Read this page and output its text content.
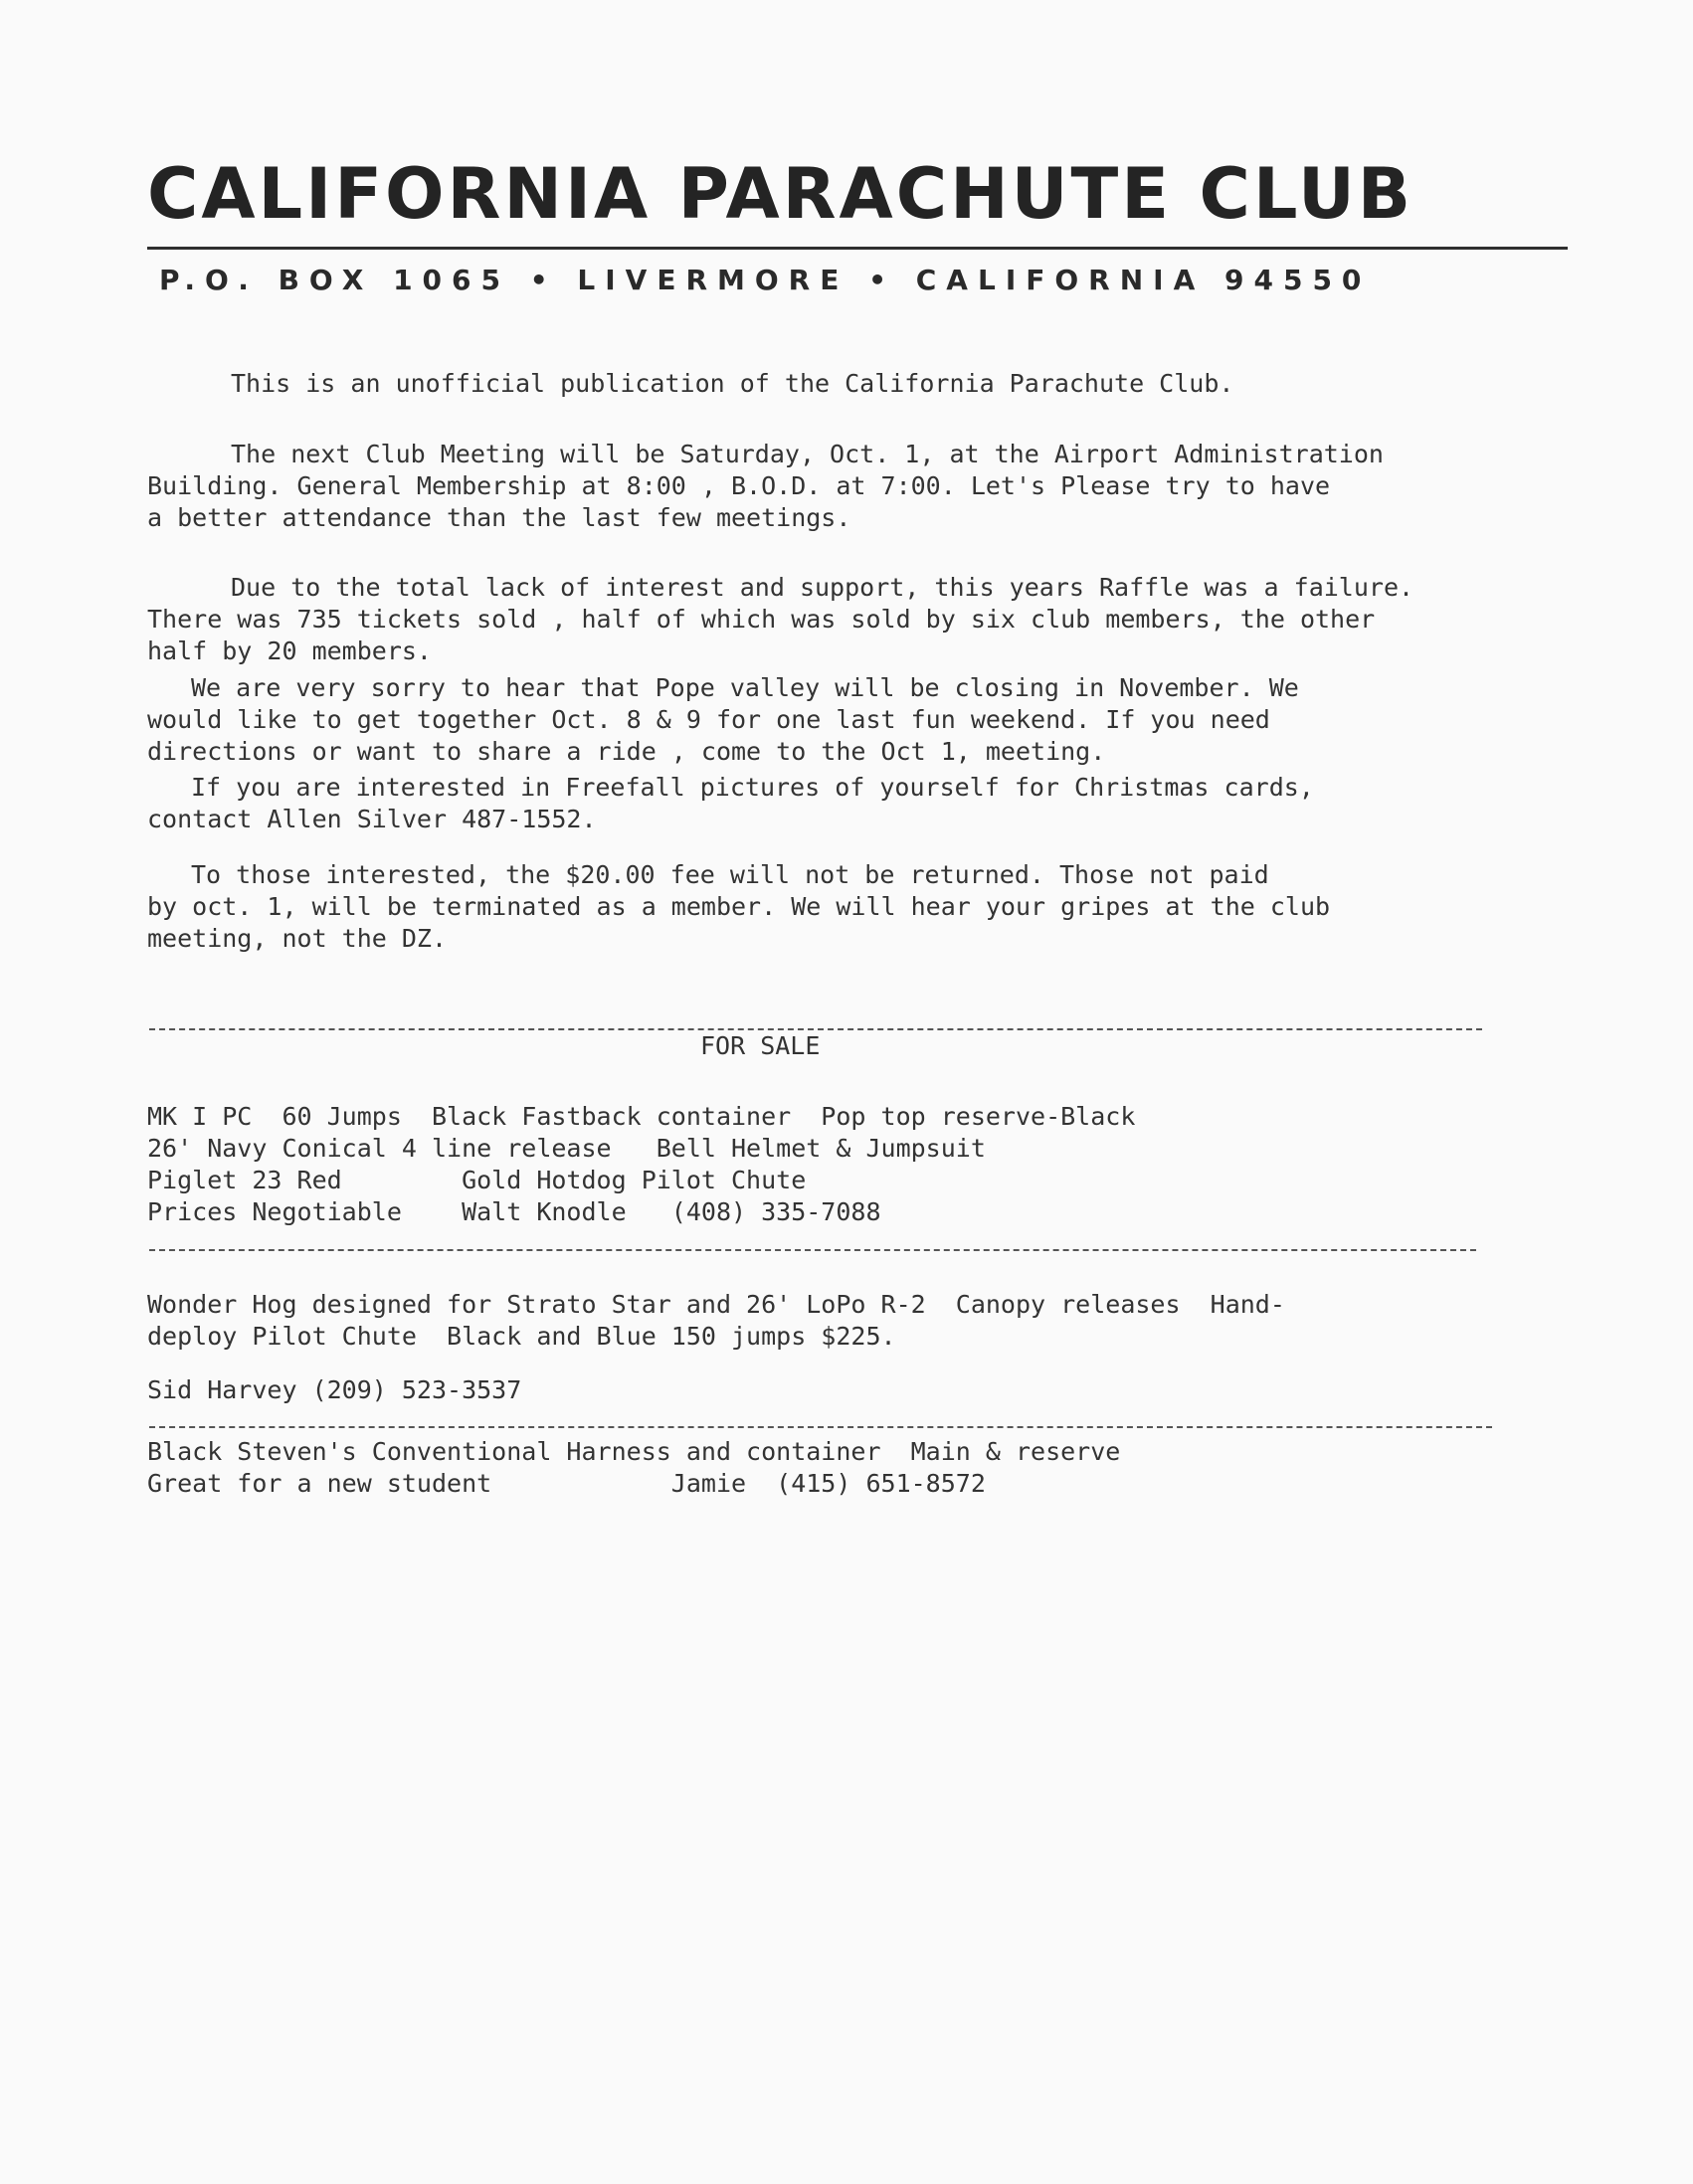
CALIFORNIA PARACHUTE CLUB
P.O. BOX 1065 • LIVERMORE • CALIFORNIA 94550
This is an unofficial publication of the California Parachute Club.
The next Club Meeting will be Saturday, Oct. 1, at the Airport Administration
Building. General Membership at 8:00 , B.O.D. at 7:00. Let's Please try to have
a better attendance than the last few meetings.
Due to the total lack of interest and support, this years Raffle was a failure.
There was 735 tickets sold , half of which was sold by six club members, the other
half by 20 members.
We are very sorry to hear that Pope valley will be closing in November. We
would like to get together Oct. 8 & 9 for one last fun weekend. If you need
directions or want to share a ride , come to the Oct 1, meeting.
If you are interested in Freefall pictures of yourself for Christmas cards,
contact Allen Silver 487-1552.
To those interested, the $20.00 fee will not be returned. Those not paid
by oct. 1, will be terminated as a member. We will hear your gripes at the club
meeting, not the DZ.
FOR SALE
MK I PC  60 Jumps  Black Fastback container  Pop top reserve-Black
26' Navy Conical 4 line release   Bell Helmet & Jumpsuit
Piglet 23 Red        Gold Hotdog Pilot Chute
Prices Negotiable    Walt Knodle   (408) 335-7088
Wonder Hog designed for Strato Star and 26' LoPo R-2  Canopy releases  Hand-
deploy Pilot Chute  Black and Blue 150 jumps $225.
Sid Harvey (209) 523-3537
Black Steven's Conventional Harness and container  Main & reserve
Great for a new student            Jamie  (415) 651-8572
